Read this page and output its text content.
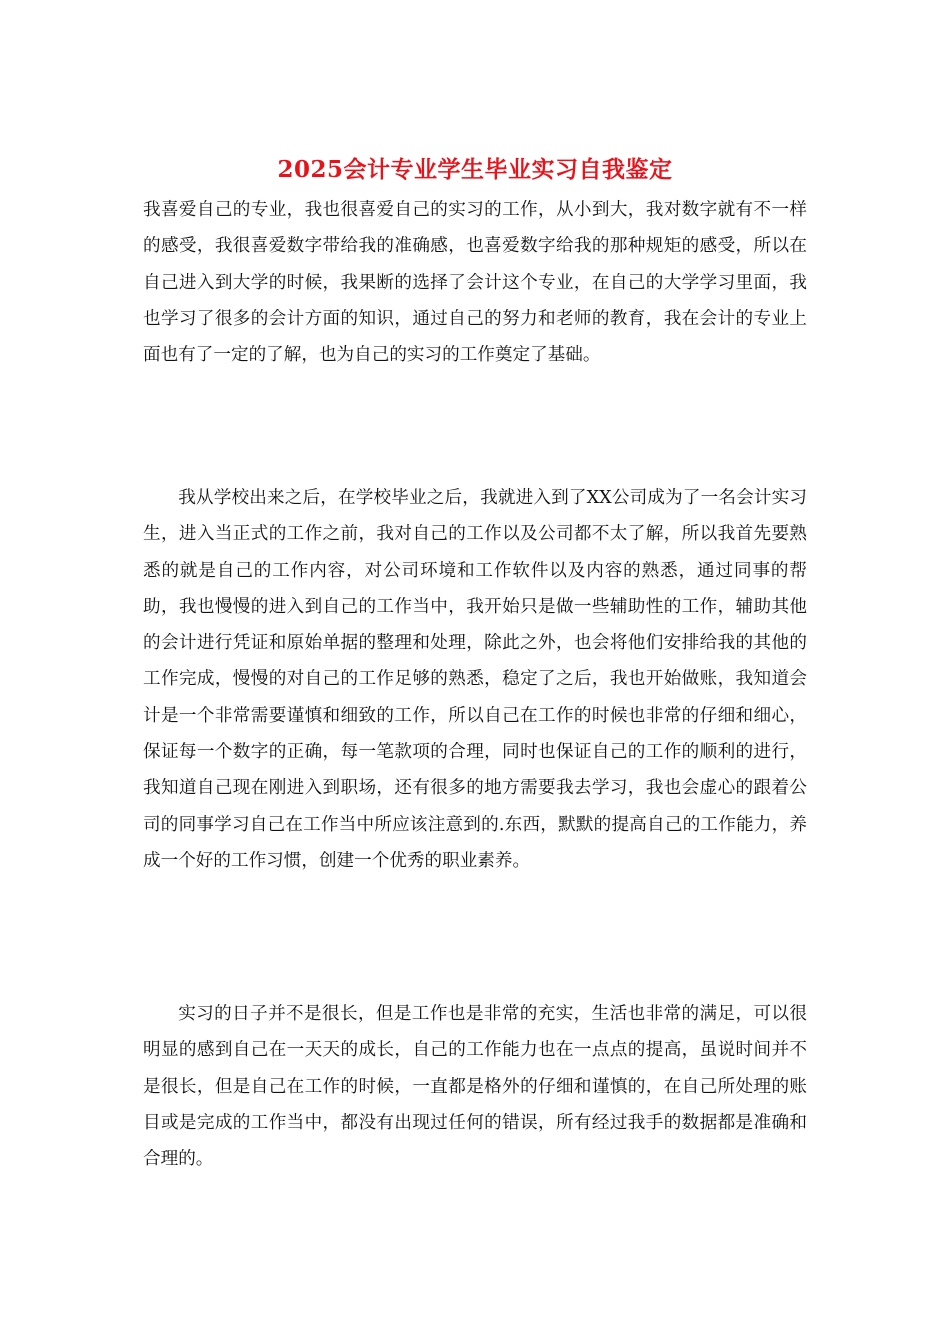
2025会计专业学生毕业实习自我鉴定

我喜爱自己的专业，我也很喜爱自己的实习的工作，从小到大，我对数字就有不一样的感受，我很喜爱数字带给我的准确感，也喜爱数字给我的那种规矩的感受，所以在自己进入到大学的时候，我果断的选择了会计这个专业，在自己的大学学习里面，我也学习了很多的会计方面的知识，通过自己的努力和老师的教育，我在会计的专业上面也有了一定的了解，也为自己的实习的工作奠定了基础。

我从学校出来之后，在学校毕业之后，我就进入到了XX公司成为了一名会计实习生，进入当正式的工作之前，我对自己的工作以及公司都不太了解，所以我首先要熟悉的就是自己的工作内容，对公司环境和工作软件以及内容的熟悉，通过同事的帮助，我也慢慢的进入到自己的工作当中，我开始只是做一些辅助性的工作，辅助其他的会计进行凭证和原始单据的整理和处理，除此之外，也会将他们安排给我的其他的工作完成，慢慢的对自己的工作足够的熟悉，稳定了之后，我也开始做账，我知道会计是一个非常需要谨慎和细致的工作，所以自己在工作的时候也非常的仔细和细心，保证每一个数字的正确，每一笔款项的合理，同时也保证自己的工作的顺利的进行，我知道自己现在刚进入到职场，还有很多的地方需要我去学习，我也会虚心的跟着公司的同事学习自己在工作当中所应该注意到的.东西，默默的提高自己的工作能力，养成一个好的工作习惯，创建一个优秀的职业素养。

实习的日子并不是很长，但是工作也是非常的充实，生活也非常的满足，可以很明显的感到自己在一天天的成长，自己的工作能力也在一点点的提高，虽说时间并不是很长，但是自己在工作的时候，一直都是格外的仔细和谨慎的，在自己所处理的账目或是完成的工作当中，都没有出现过任何的错误，所有经过我手的数据都是准确和合理的。
